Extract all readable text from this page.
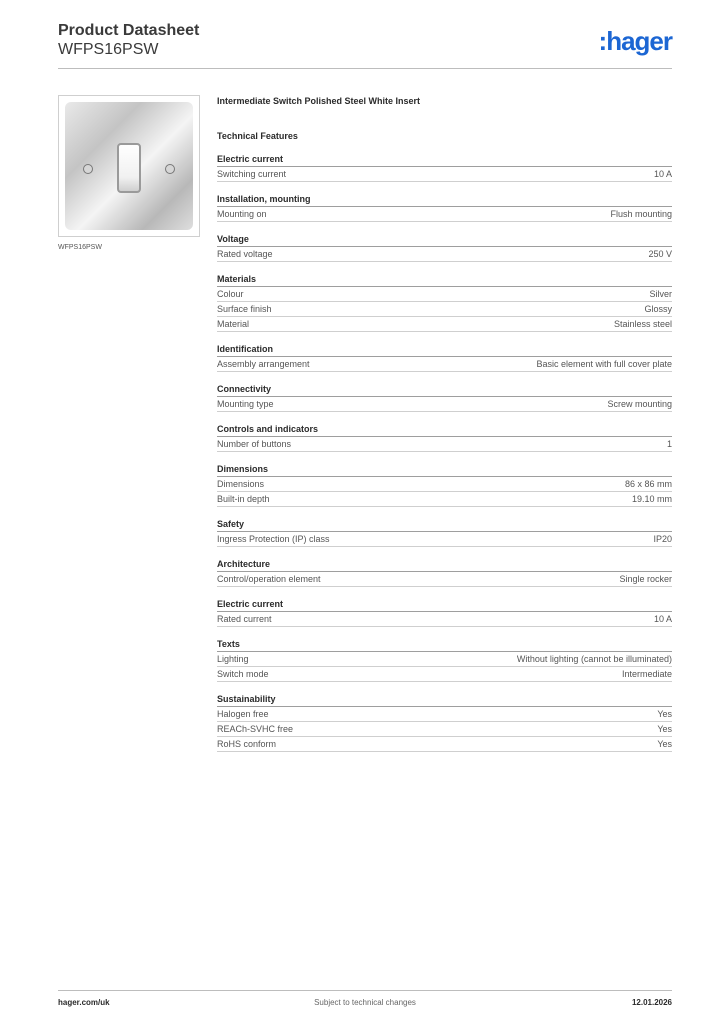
Product Datasheet
WFPS16PSW	:hager
WFPS16PSW
Intermediate Switch Polished Steel White Insert
Technical Features
Electric current
Switching current	10 A
Installation, mounting
Mounting on	Flush mounting
Voltage
Rated voltage	250 V
Materials
Colour	Silver
Surface finish	Glossy
Material	Stainless steel
Identification
Assembly arrangement	Basic element with full cover plate
Connectivity
Mounting type	Screw mounting
Controls and indicators
Number of buttons	1
Dimensions
Dimensions	86 x 86 mm
Built-in depth	19.10 mm
Safety
Ingress Protection (IP) class	IP20
Architecture
Control/operation element	Single rocker
Electric current
Rated current	10 A
Texts
Lighting	Without lighting (cannot be illuminated)
Switch mode	Intermediate
Sustainability
Halogen free	Yes
REACh-SVHC free	Yes
RoHS conform	Yes
hager.com/uk	Subject to technical changes	12.01.2026
